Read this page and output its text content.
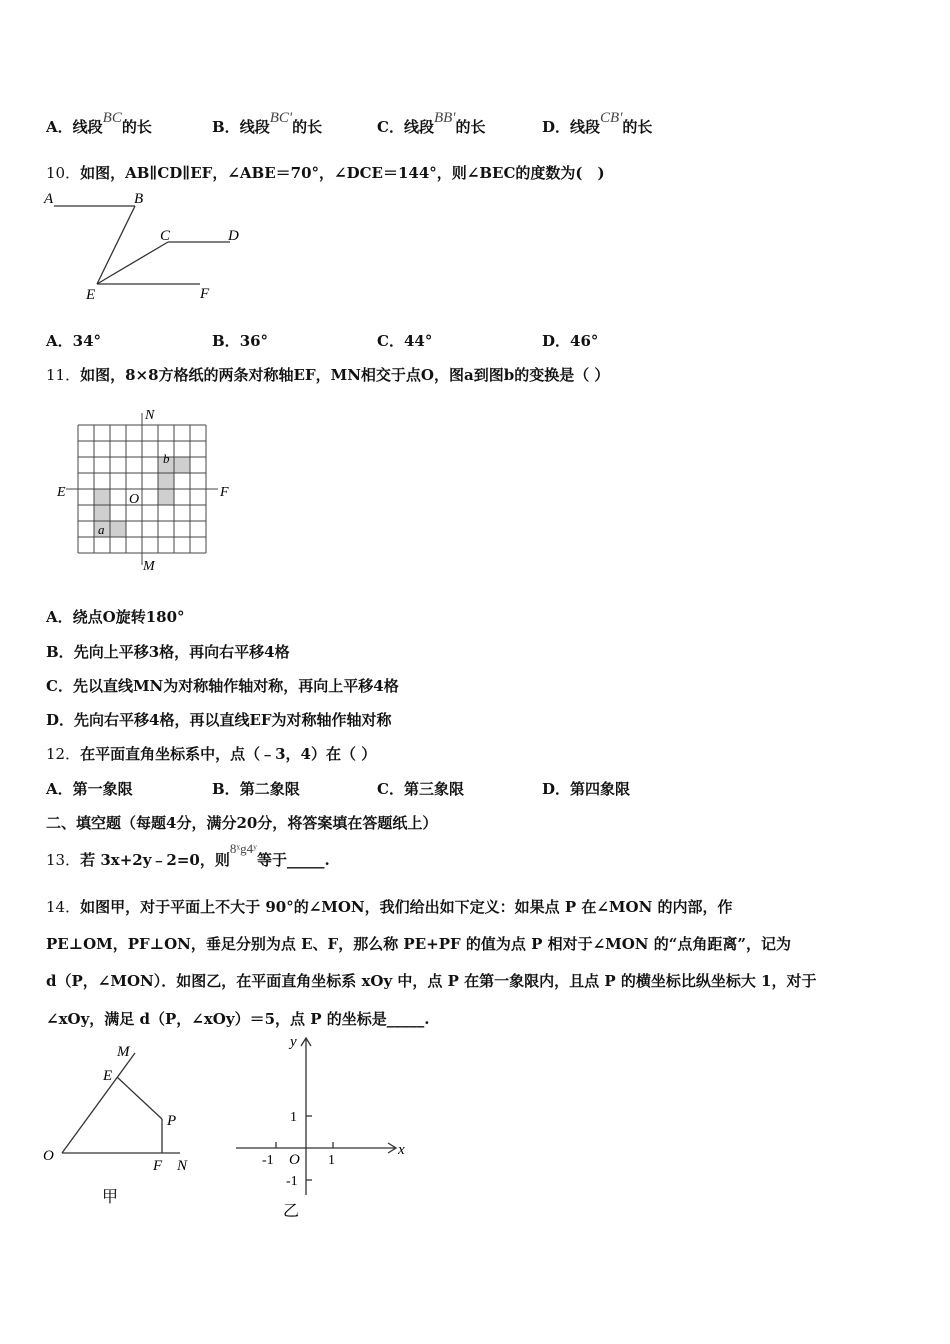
A．线段BC的长	B．线段BC'的长	C．线段BB'的长	D．线段CB'的长
10．如图，AB∥CD∥EF，∠ABE＝70°，∠DCE＝144°，则∠BEC的度数为(　)
A	B
C	D
E	F
A．34°	B．36°	C．44°	D．46°
11．如图，8×8方格纸的两条对称轴EF，MN相交于点O，图a到图b的变换是（ ）
N
M
E	F
O
a
b
A．绕点O旋转180°
B．先向上平移3格，再向右平移4格
C．先以直线MN为对称轴作轴对称，再向上平移4格
D．先向右平移4格，再以直线EF为对称轴作轴对称
12．在平面直角坐标系中，点（﹣3，4）在（ ）
A．第一象限	B．第二象限	C．第三象限	D．第四象限
二、填空题（每题4分，满分20分，将答案填在答题纸上）
13．若 3x+2y﹣2=0，则8ˣg4ʸ等于_____.
14．如图甲，对于平面上不大于 90°的∠MON，我们给出如下定义：如果点 P 在∠MON 的内部，作
PE⊥OM，PF⊥ON，垂足分别为点 E、F，那么称 PE+PF 的值为点 P 相对于∠MON 的“点角距离”，记为
d（P，∠MON）．如图乙，在平面直角坐标系 xOy 中，点 P 在第一象限内，且点 P 的横坐标比纵坐标大 1，对于
∠xOy，满足 d（P，∠xOy）＝5，点 P 的坐标是_____.
M
E
P
O
F N
甲
y
x
1
1
-1
-1
O
乙
